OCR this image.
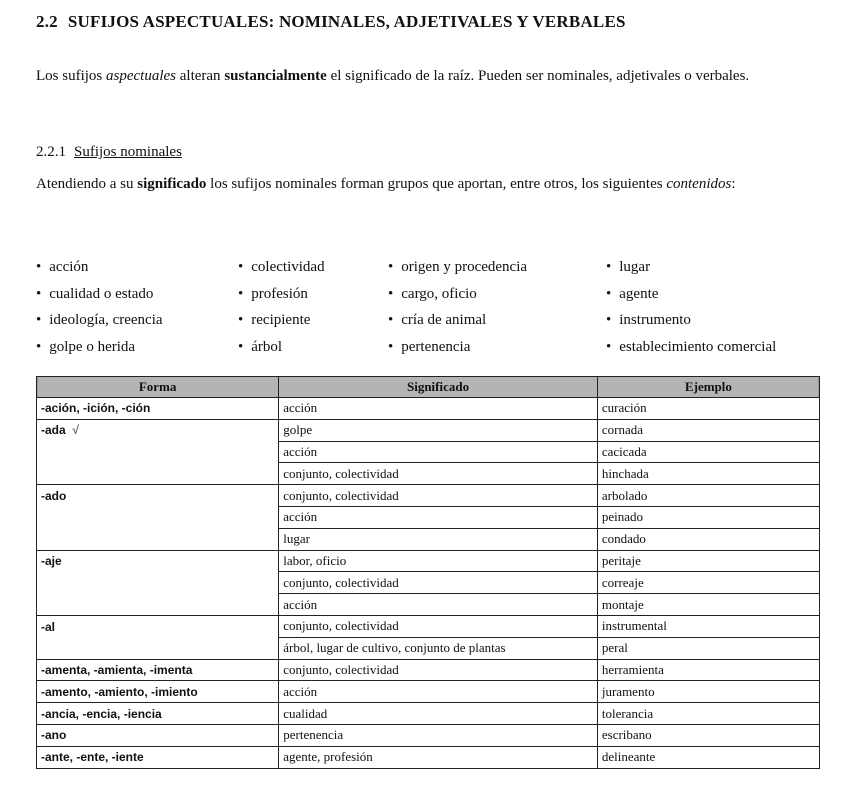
2.2 SUFIJOS ASPECTUALES: NOMINALES, ADJETIVALES Y VERBALES

Los sufijos aspectuales alteran sustancialmente el significado de la raíz. Pueden ser nominales, adjetivales o verbales.

2.2.1 Sufijos nominales

Atendiendo a su significado los sufijos nominales forman grupos que aportan, entre otros, los siguientes contenidos:

• acción
• cualidad o estado
• ideología, creencia
• golpe o herida
• colectividad
• profesión
• recipiente
• árbol
• origen y procedencia
• cargo, oficio
• cría de animal
• pertenencia
• lugar
• agente
• instrumento
• establecimiento comercial
Forma	Significado	Ejemplo
-ación, -ición, -ción	acción	curación
-ada √	golpe	cornada
	acción	cacicada
	conjunto, colectividad	hinchada
-ado	conjunto, colectividad	arbolado
	acción	peinado
	lugar	condado
-aje	labor, oficio	peritaje
	conjunto, colectividad	correaje
	acción	montaje
-al	conjunto, colectividad	instrumental
	árbol, lugar de cultivo, conjunto de plantas	peral
-amenta, -amienta, -imenta	conjunto, colectividad	herramienta
-amento, -amiento, -imiento	acción	juramento
-ancia, -encia, -iencia	cualidad	tolerancia
-ano	pertenencia	escribano
-ante, -ente, -iente	agente, profesión	delineante
